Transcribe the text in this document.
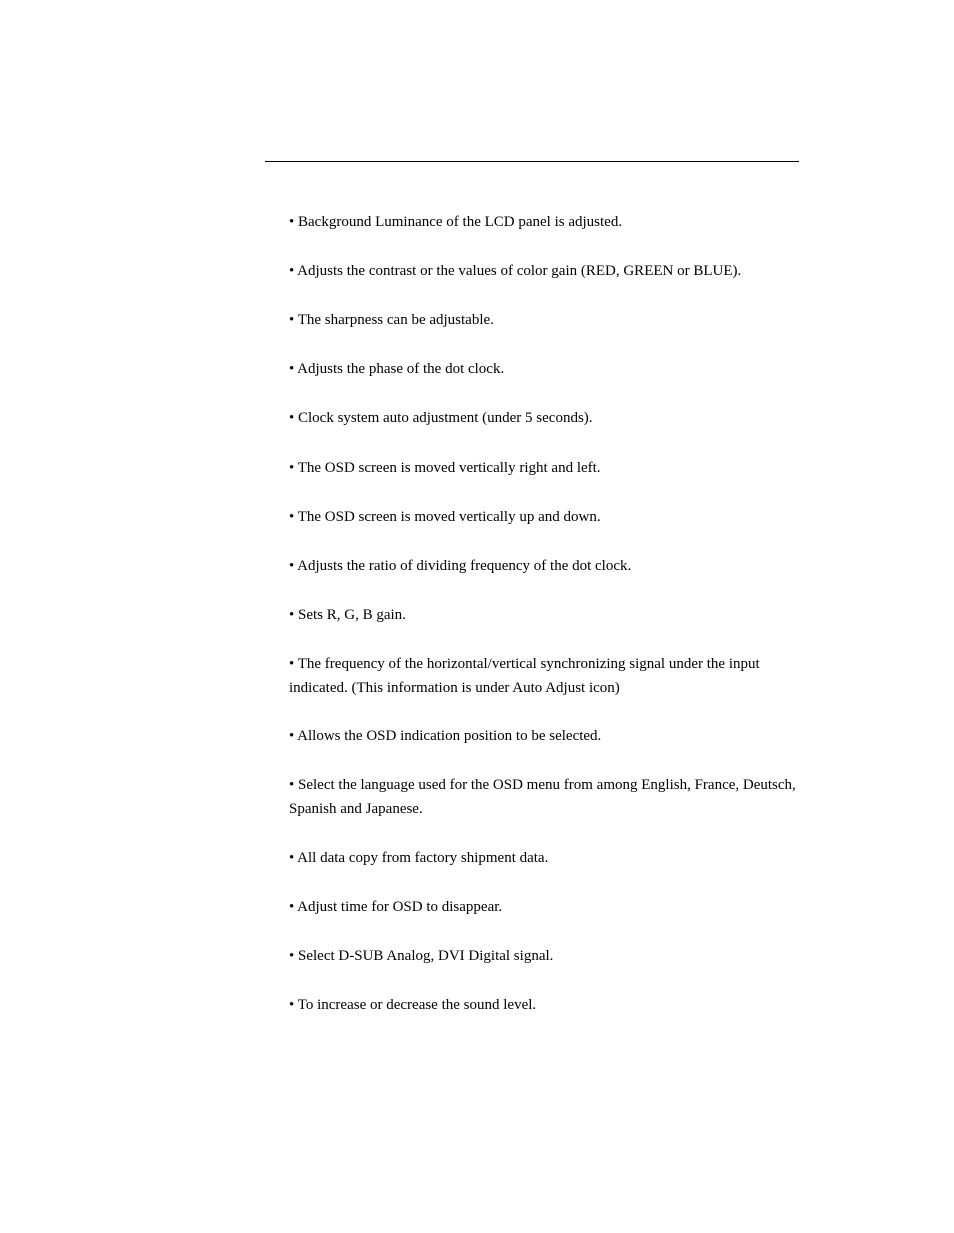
• Background Luminance of the LCD panel is adjusted.
• Adjusts the contrast or the values of color gain (RED, GREEN or BLUE).
• The sharpness can be adjustable.
• Adjusts the phase of the dot clock.
• Clock system auto adjustment (under 5 seconds).
• The OSD screen is moved vertically right and left.
• The OSD screen is moved vertically up and down.
• Adjusts the ratio of dividing frequency of the dot clock.
• Sets R, G, B gain.
• The frequency of the horizontal/vertical synchronizing signal under the input indicated. (This information is under Auto Adjust icon)
• Allows the OSD indication position to be selected.
• Select the language used for the OSD menu from among English, France, Deutsch, Spanish and Japanese.
• All data copy from factory shipment data.
• Adjust time for OSD to disappear.
• Select D-SUB Analog, DVI Digital signal.
• To increase or decrease the sound level.
